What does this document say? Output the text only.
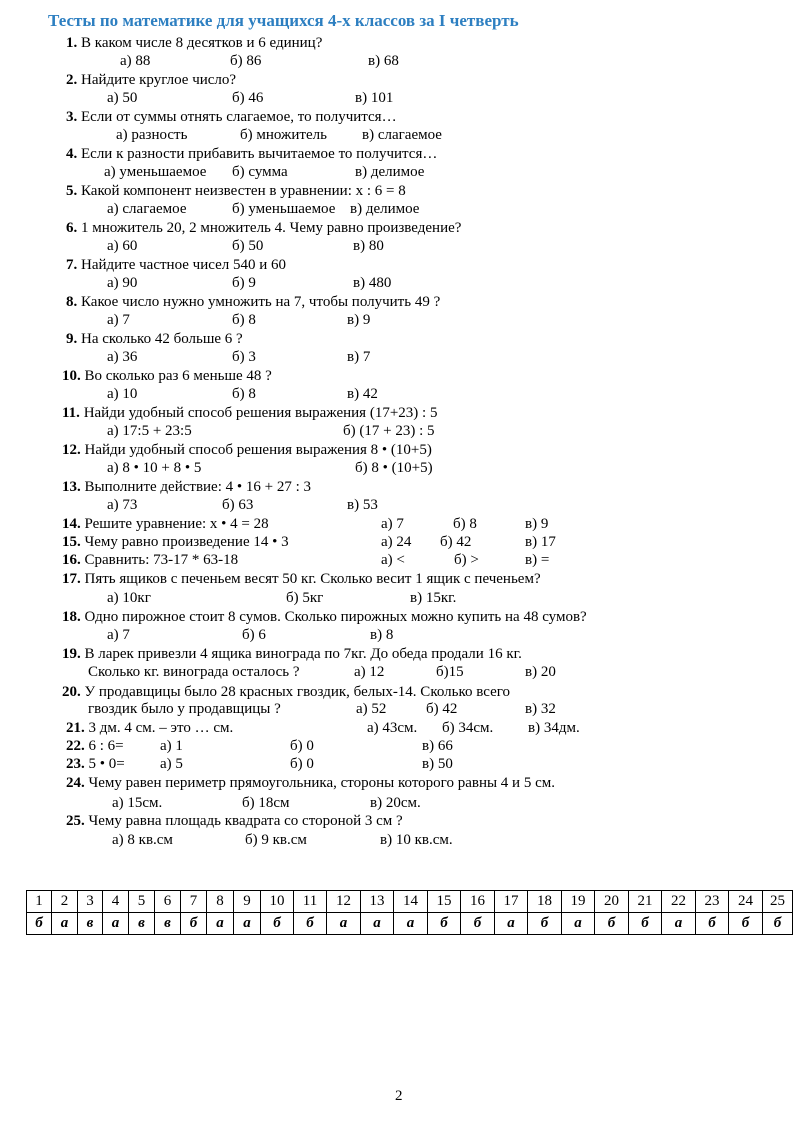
Тесты по математике для учащихся 4-х классов за I четверть
1. В каком числе 8 десятков и 6 единиц?
а) 88	б) 86	в) 68
2. Найдите круглое число?
а) 50	б) 46	в) 101
3. Если от суммы отнять слагаемое, то получится…
а) разность	б) множитель в) слагаемое
4. Если к разности прибавить вычитаемое то получится…
а) уменьшаемое б) сумма	в) делимое
5. Какой компонент неизвестен в уравнении: х : 6 = 8
а) слагаемое	б) уменьшаемое в) делимое
6. 1 множитель 20, 2 множитель 4. Чему равно произведение?
а) 60	б) 50	в) 80
7. Найдите частное чисел 540 и 60
а) 90	б) 9	в) 480
8. Какое число нужно умножить на 7, чтобы получить 49 ?
а) 7	б) 8	в) 9
9. На сколько 42 больше 6 ?
а) 36	б) 3	в) 7
10. Во сколько раз 6 меньше 48 ?
а) 10	б) 8	в) 42
11. Найди удобный способ решения выражения (17+23) : 5
а) 17:5 + 23:5	б) (17 + 23) : 5
12. Найди удобный способ решения выражения 8 • (10+5)
а) 8 • 10 + 8 • 5	б) 8 • (10+5)
13. Выполните действие: 4 • 16 + 27 : 3
а) 73	б) 63	в) 53
14. Решите уравнение: х • 4 = 28	а) 7	б) 8	в) 9
15. Чему равно произведение 14 • 3	а) 24 б) 42	в) 17
16. Сравнить: 73-17 * 63-18	а) <	б) >	в) =
17. Пять ящиков с печеньем весят 50 кг. Сколько весит 1 ящик с печеньем?
а) 10кг	б) 5кг	в) 15кг.
18. Одно пирожное стоит 8 сумов. Сколько пирожных можно купить на 48 сумов?
а) 7	б) 6	в) 8
19. В ларек привезли 4 ящика винограда по 7кг. До обеда продали 16 кг.
Сколько кг. винограда осталось ?	а) 12	б)15	в) 20
20. У продавщицы было 28 красных гвоздик, белых-14. Сколько всего
гвоздик было у продавщицы ?	а) 52	б) 42	в) 32
21. 3 дм. 4 см. – это … см.	а) 43см. б) 34см. в) 34дм.
22. 6 : 6= а) 1	б) 0	в) 66
23. 5 • 0= а) 5	б) 0	в) 50
24. Чему равен периметр прямоугольника, стороны которого равны 4 и 5 см.
а) 15см.	б) 18см	в) 20см.
25. Чему равна площадь квадрата со стороной 3 см ?
а) 8 кв.см	б) 9 кв.см	в) 10 кв.см.
1	2	3	4	5	6	7	8	9	10	11	12	13	14	15	16	17	18	19	20	21	22	23	24	25
б	а	в	а	в	в	б	а	а	б	б	а	а	а	б	б	а	б	а	б	б	а	б	б	б
2
